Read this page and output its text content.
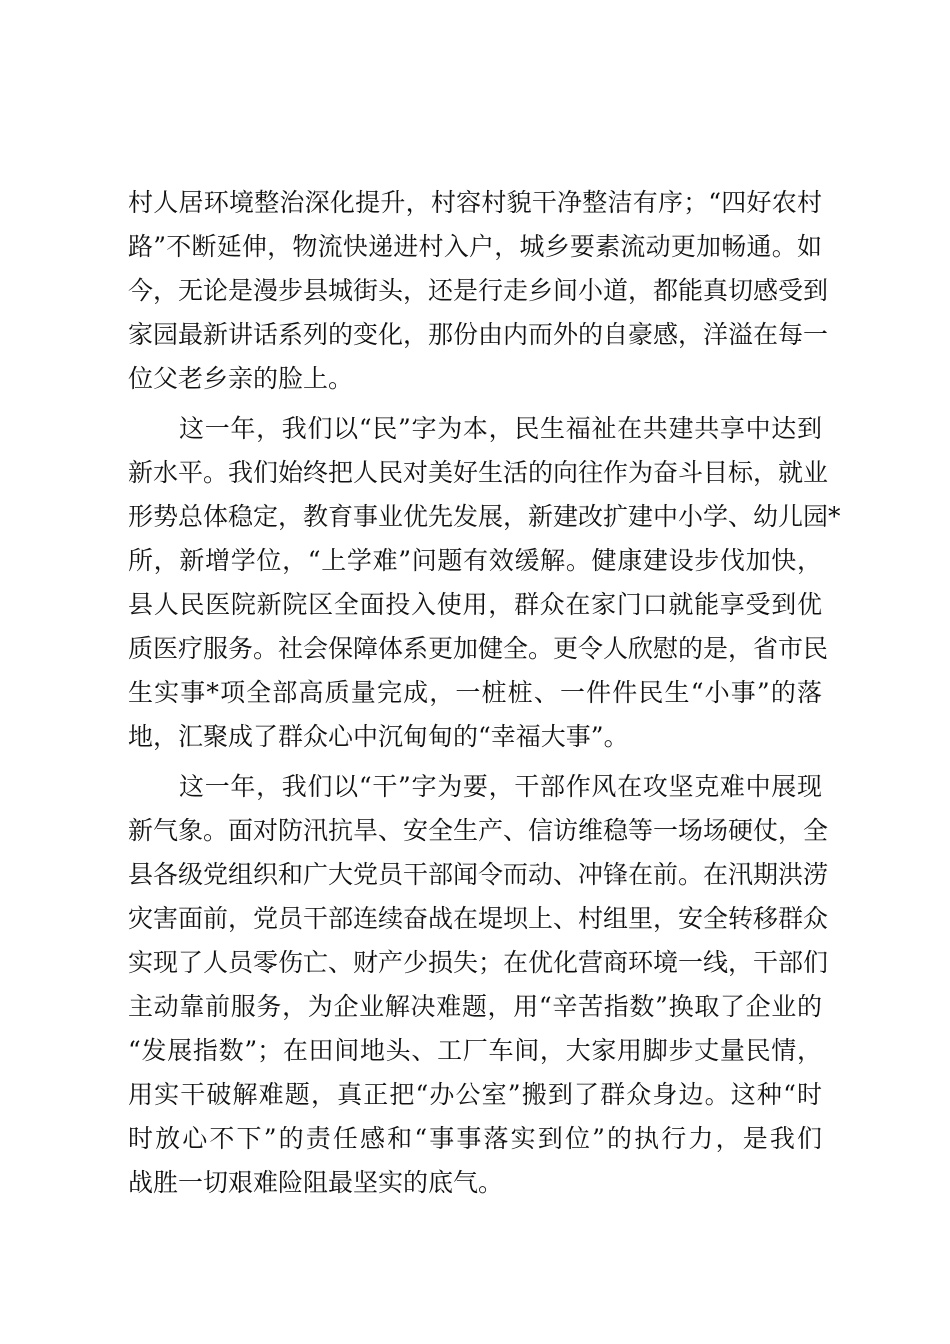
村人居环境整治深化提升，村容村貌干净整洁有序；“四好农村
路”不断延伸，物流快递进村入户，城乡要素流动更加畅通。如
今，无论是漫步县城街头，还是行走乡间小道，都能真切感受到
家园最新讲话系列的变化，那份由内而外的自豪感，洋溢在每一
位父老乡亲的脸上。

这一年，我们以“民”字为本，民生福祉在共建共享中达到
新水平。我们始终把人民对美好生活的向往作为奋斗目标，就业
形势总体稳定，教育事业优先发展，新建改扩建中小学、幼儿园*
所，新增学位，“上学难”问题有效缓解。健康建设步伐加快，
县人民医院新院区全面投入使用，群众在家门口就能享受到优
质医疗服务。社会保障体系更加健全。更令人欣慰的是，省市民
生实事*项全部高质量完成，一桩桩、一件件民生“小事”的落
地，汇聚成了群众心中沉甸甸的“幸福大事”。

这一年，我们以“干”字为要，干部作风在攻坚克难中展现
新气象。面对防汛抗旱、安全生产、信访维稳等一场场硬仗，全
县各级党组织和广大党员干部闻令而动、冲锋在前。在汛期洪涝
灾害面前，党员干部连续奋战在堤坝上、村组里，安全转移群众
实现了人员零伤亡、财产少损失；在优化营商环境一线，干部们
主动靠前服务，为企业解决难题，用“辛苦指数”换取了企业的
“发展指数”；在田间地头、工厂车间，大家用脚步丈量民情，
用实干破解难题，真正把“办公室”搬到了群众身边。这种“时
时放心不下”的责任感和“事事落实到位”的执行力，是我们
战胜一切艰难险阻最坚实的底气。
